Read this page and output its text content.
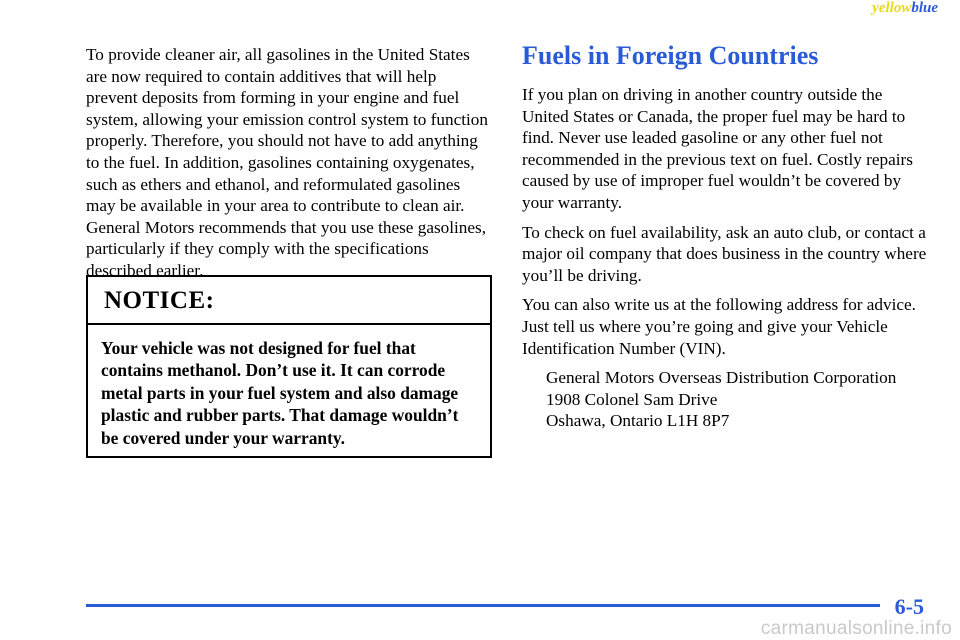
yellowblue

To provide cleaner air, all gasolines in the United States are now required to contain additives that will help prevent deposits from forming in your engine and fuel system, allowing your emission control system to function properly. Therefore, you should not have to add anything to the fuel. In addition, gasolines containing oxygenates, such as ethers and ethanol, and reformulated gasolines may be available in your area to contribute to clean air. General Motors recommends that you use these gasolines, particularly if they comply with the specifications described earlier.

NOTICE:
Your vehicle was not designed for fuel that contains methanol. Don’t use it. It can corrode metal parts in your fuel system and also damage plastic and rubber parts. That damage wouldn’t be covered under your warranty.
Fuels in Foreign Countries

If you plan on driving in another country outside the United States or Canada, the proper fuel may be hard to find. Never use leaded gasoline or any other fuel not recommended in the previous text on fuel. Costly repairs caused by use of improper fuel wouldn’t be covered by your warranty.

To check on fuel availability, ask an auto club, or contact a major oil company that does business in the country where you’ll be driving.

You can also write us at the following address for advice. Just tell us where you’re going and give your Vehicle Identification Number (VIN).

General Motors Overseas Distribution Corporation
1908 Colonel Sam Drive
Oshawa, Ontario L1H 8P7
6-5
carmanualsonline.info
